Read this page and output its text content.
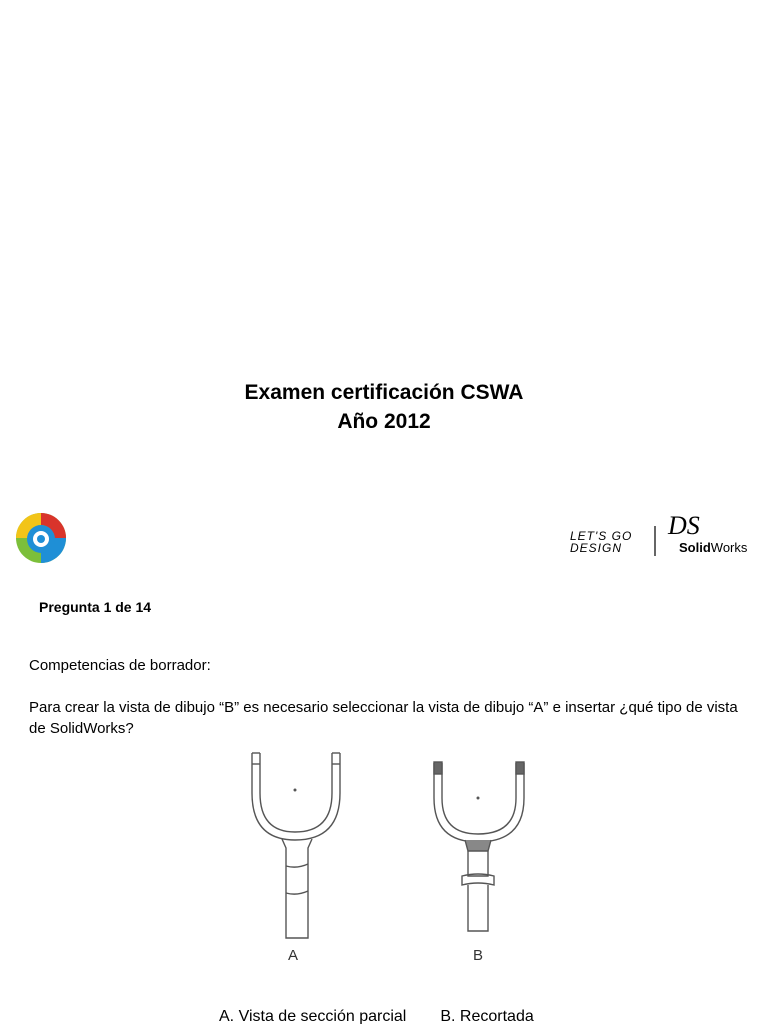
Examen certificación CSWA
Año 2012
LET'S GO
DESIGN
DS
SolidWorks
Pregunta 1 de 14
Competencias de borrador:
Para crear la vista de dibujo “B” es necesario seleccionar la vista de dibujo “A” e insertar ¿qué tipo de vista de SolidWorks?
A	B
A. Vista de sección parcial B. Recortada
